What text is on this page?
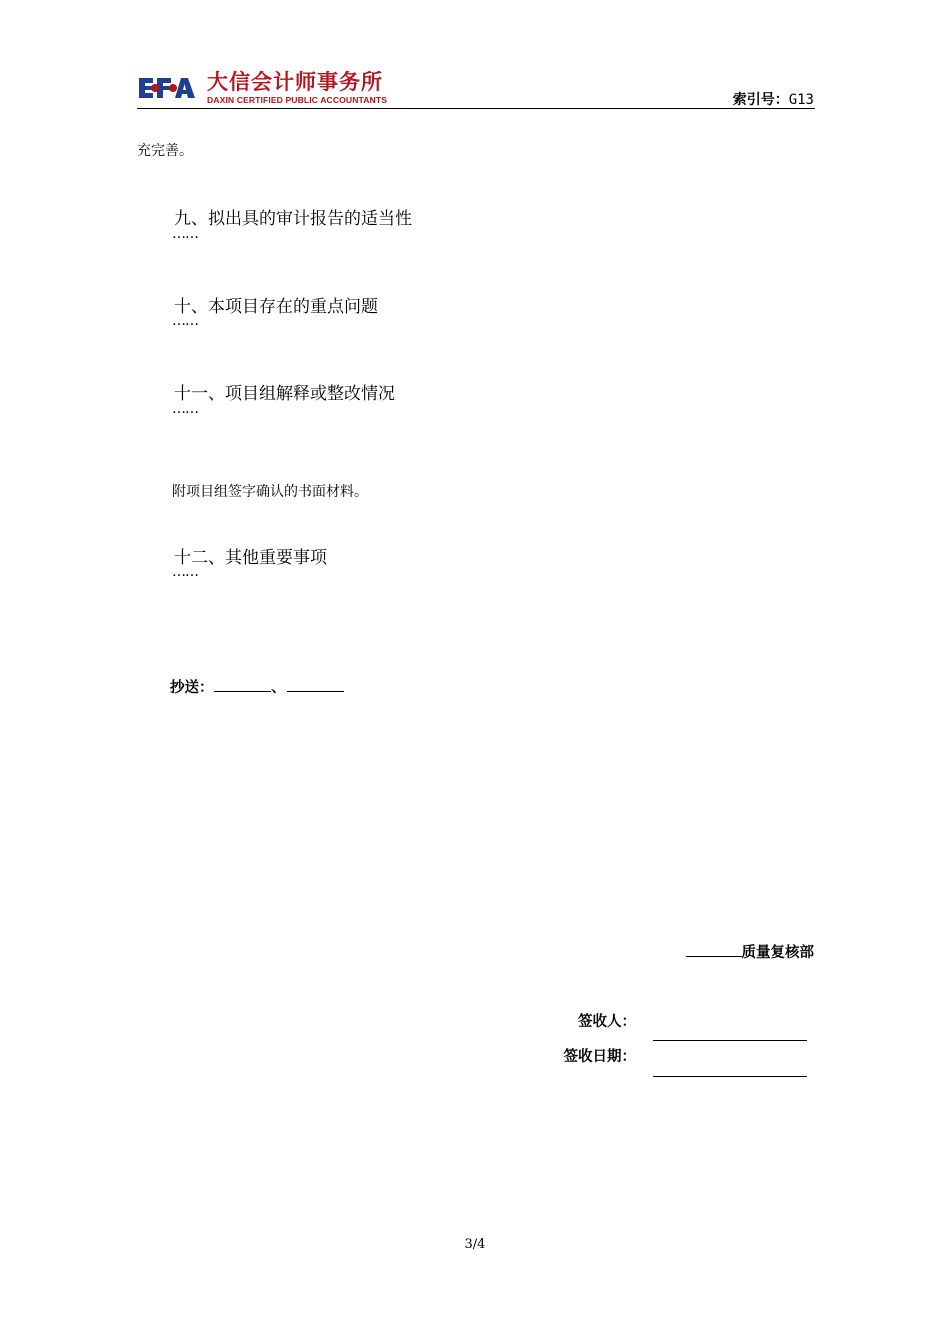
大信会计师事务所
DAXIN CERTIFIED PUBLIC ACCOUNTANTS	索引号：G13
充完善。
九、拟出具的审计报告的适当性
……
十、本项目存在的重点问题
……
十一、项目组解释或整改情况
……
附项目组签字确认的书面材料。
十二、其他重要事项
……
抄送：	、
质量复核部
签收人：
签收日期：
3/4
